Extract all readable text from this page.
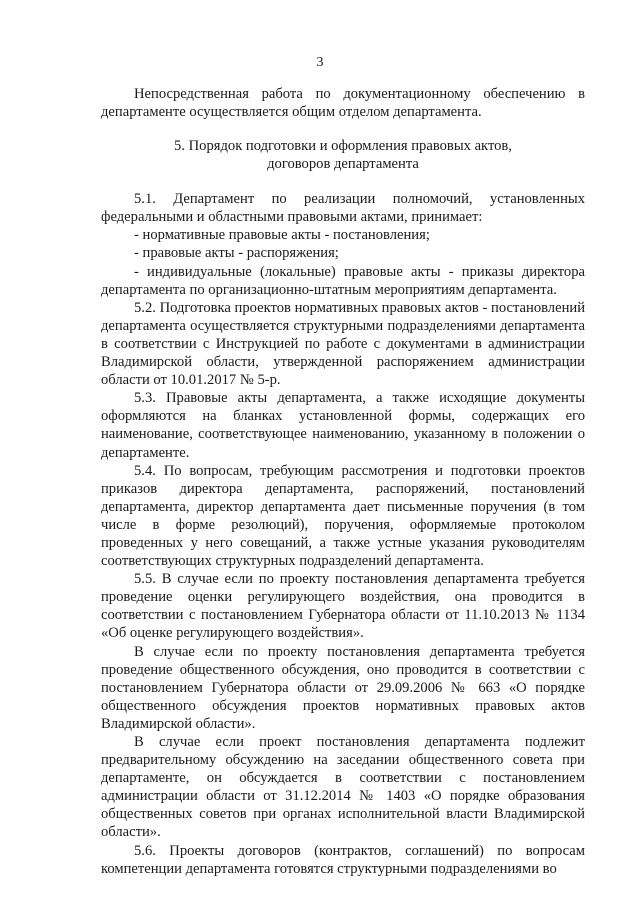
3

Непосредственная работа по документационному обеспечению в департаменте осуществляется общим отделом департамента.

5. Порядок подготовки и оформления правовых актов,
договоров департамента

5.1. Департамент по реализации полномочий, установленных федеральными и областными правовыми актами, принимает:

- нормативные правовые акты - постановления;

- правовые акты - распоряжения;

- индивидуальные (локальные) правовые акты - приказы директора департамента по организационно-штатным мероприятиям департамента.

5.2. Подготовка проектов нормативных правовых актов - постановлений департамента осуществляется структурными подразделениями департамента в соответствии с Инструкцией по работе с документами в администрации Владимирской области, утвержденной распоряжением администрации области от 10.01.2017 № 5-р.

5.3. Правовые акты департамента, а также исходящие документы оформляются на бланках установленной формы, содержащих его наименование, соответствующее наименованию, указанному в положении о департаменте.

5.4. По вопросам, требующим рассмотрения и подготовки проектов приказов директора департамента, распоряжений, постановлений департамента, директор департамента дает письменные поручения (в том числе в форме резолюций), поручения, оформляемые протоколом проведенных у него совещаний, а также устные указания руководителям соответствующих структурных подразделений департамента.

5.5. В случае если по проекту постановления департамента требуется проведение оценки регулирующего воздействия, она проводится в соответствии с постановлением Губернатора области от 11.10.2013 № 1134 «Об оценке регулирующего воздействия».

В случае если по проекту постановления департамента требуется проведение общественного обсуждения, оно проводится в соответствии с постановлением Губернатора области от 29.09.2006 № 663 «О порядке общественного обсуждения проектов нормативных правовых актов Владимирской области».

В случае если проект постановления департамента подлежит предварительному обсуждению на заседании общественного совета при департаменте, он обсуждается в соответствии с постановлением администрации области от 31.12.2014 № 1403 «О порядке образования общественных советов при органах исполнительной власти Владимирской области».

5.6. Проекты договоров (контрактов, соглашений) по вопросам компетенции департамента готовятся структурными подразделениями во
